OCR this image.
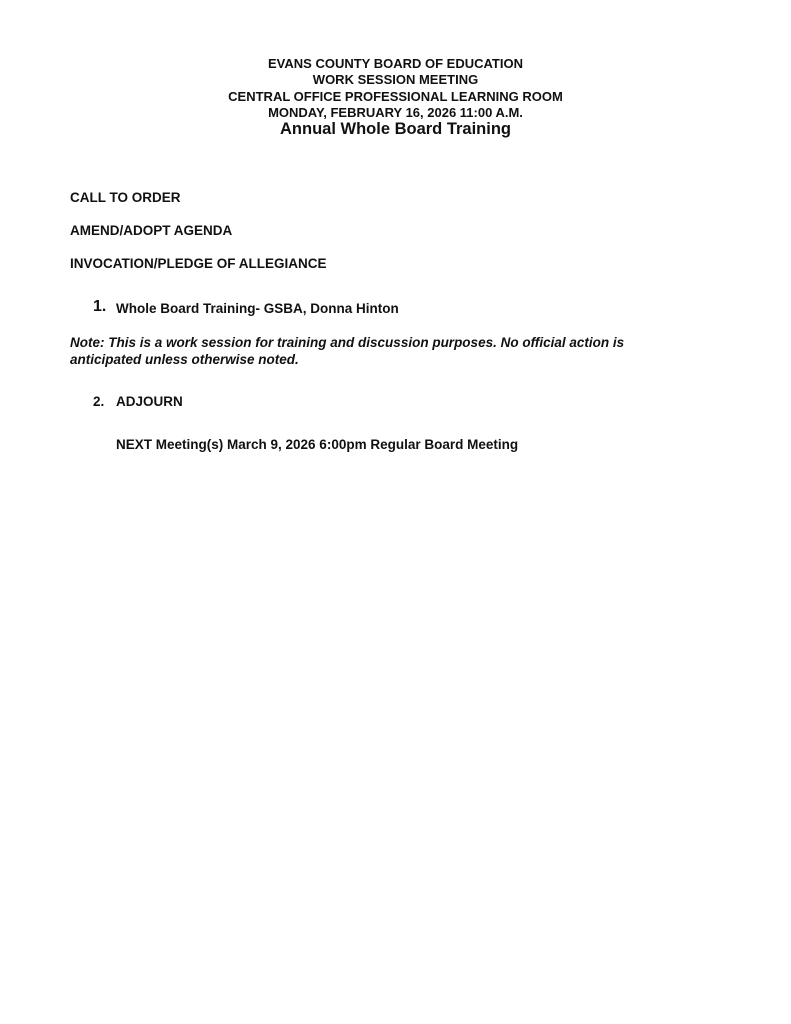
EVANS COUNTY BOARD OF EDUCATION
WORK SESSION MEETING
CENTRAL OFFICE PROFESSIONAL LEARNING ROOM
MONDAY, FEBRUARY 16, 2026 11:00 A.M.
Annual Whole Board Training
CALL TO ORDER
AMEND/ADOPT AGENDA
INVOCATION/PLEDGE OF ALLEGIANCE
1. Whole Board Training- GSBA, Donna Hinton
Note: This is a work session for training and discussion purposes. No official action is
anticipated unless otherwise noted.
2. ADJOURN
NEXT Meeting(s) March 9, 2026 6:00pm Regular Board Meeting
